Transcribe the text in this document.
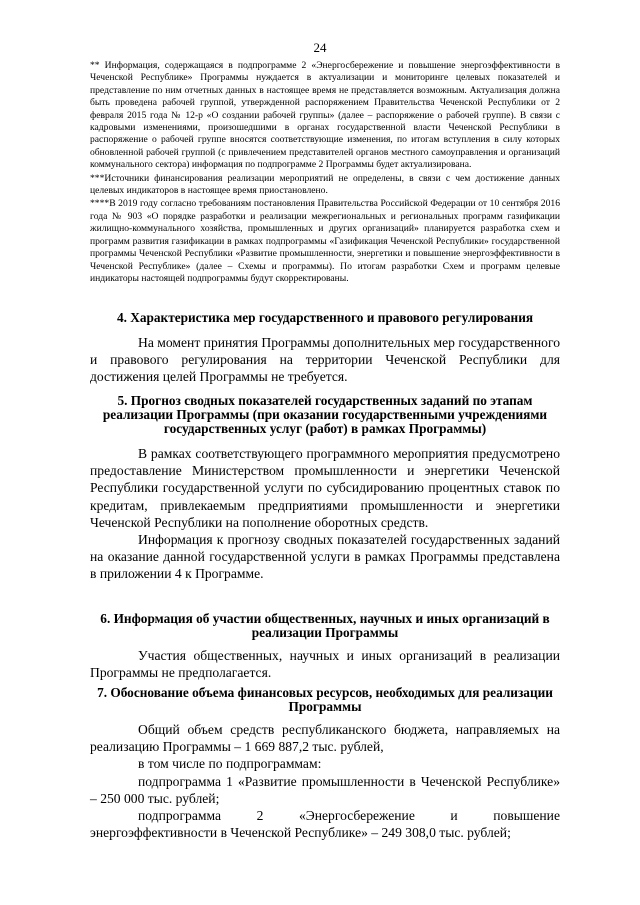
24

** Информация, содержащаяся в подпрограмме 2 «Энергосбережение и повышение энергоэффективности в Чеченской Республике» Программы нуждается в актуализации и мониторинге целевых показателей и представление по ним отчетных данных в настоящее время не представляется возможным. Актуализация должна быть проведена рабочей группой, утвержденной распоряжением Правительства Чеченской Республики от 2 февраля 2015 года № 12-р «О создании рабочей группы» (далее – распоряжение о рабочей группе). В связи с кадровыми изменениями, произошедшими в органах государственной власти Чеченской Республики в распоряжение о рабочей группе вносятся соответствующие изменения, по итогам вступления в силу которых обновленной рабочей группой (с привлечением представителей органов местного самоуправления и организаций коммунального сектора) информация по подпрограмме 2 Программы будет актуализирована.

***Источники финансирования реализации мероприятий не определены, в связи с чем достижение данных целевых индикаторов в настоящее время приостановлено.

****В 2019 году согласно требованиям постановления Правительства Российской Федерации от 10 сентября 2016 года № 903 «О порядке разработки и реализации межрегиональных и региональных программ газификации жилищно-коммунального хозяйства, промышленных и других организаций» планируется разработка схем и программ развития газификации в рамках подпрограммы «Газификация Чеченской Республики» государственной программы Чеченской Республики «Развитие промышленности, энергетики и повышение энергоэффективности в Чеченской Республике» (далее – Схемы и программы). По итогам разработки Схем и программ целевые индикаторы настоящей подпрограммы будут скорректированы.

4. Характеристика мер государственного и правового регулирования

На момент принятия Программы дополнительных мер государственного и правового регулирования на территории Чеченской Республики для достижения целей Программы не требуется.

5. Прогноз сводных показателей государственных заданий по этапам реализации Программы (при оказании государственными учреждениями государственных услуг (работ) в рамках Программы)

В рамках соответствующего программного мероприятия предусмотрено предоставление Министерством промышленности и энергетики Чеченской Республики государственной услуги по субсидированию процентных ставок по кредитам, привлекаемым предприятиями промышленности и энергетики Чеченской Республики на пополнение оборотных средств.

Информация к прогнозу сводных показателей государственных заданий на оказание данной государственной услуги в рамках Программы представлена в приложении 4 к Программе.

6. Информация об участии общественных, научных и иных организаций в реализации Программы

Участия общественных, научных и иных организаций в реализации Программы не предполагается.

7. Обоснование объема финансовых ресурсов, необходимых для реализации Программы

Общий объем средств республиканского бюджета, направляемых на реализацию Программы – 1 669 887,2 тыс. рублей,

в том числе по подпрограммам:

подпрограмма 1 «Развитие промышленности в Чеченской Республике» – 250 000 тыс. рублей;

подпрограмма 2 «Энергосбережение и повышение энергоэффективности в Чеченской Республике» – 249 308,0 тыс. рублей;
